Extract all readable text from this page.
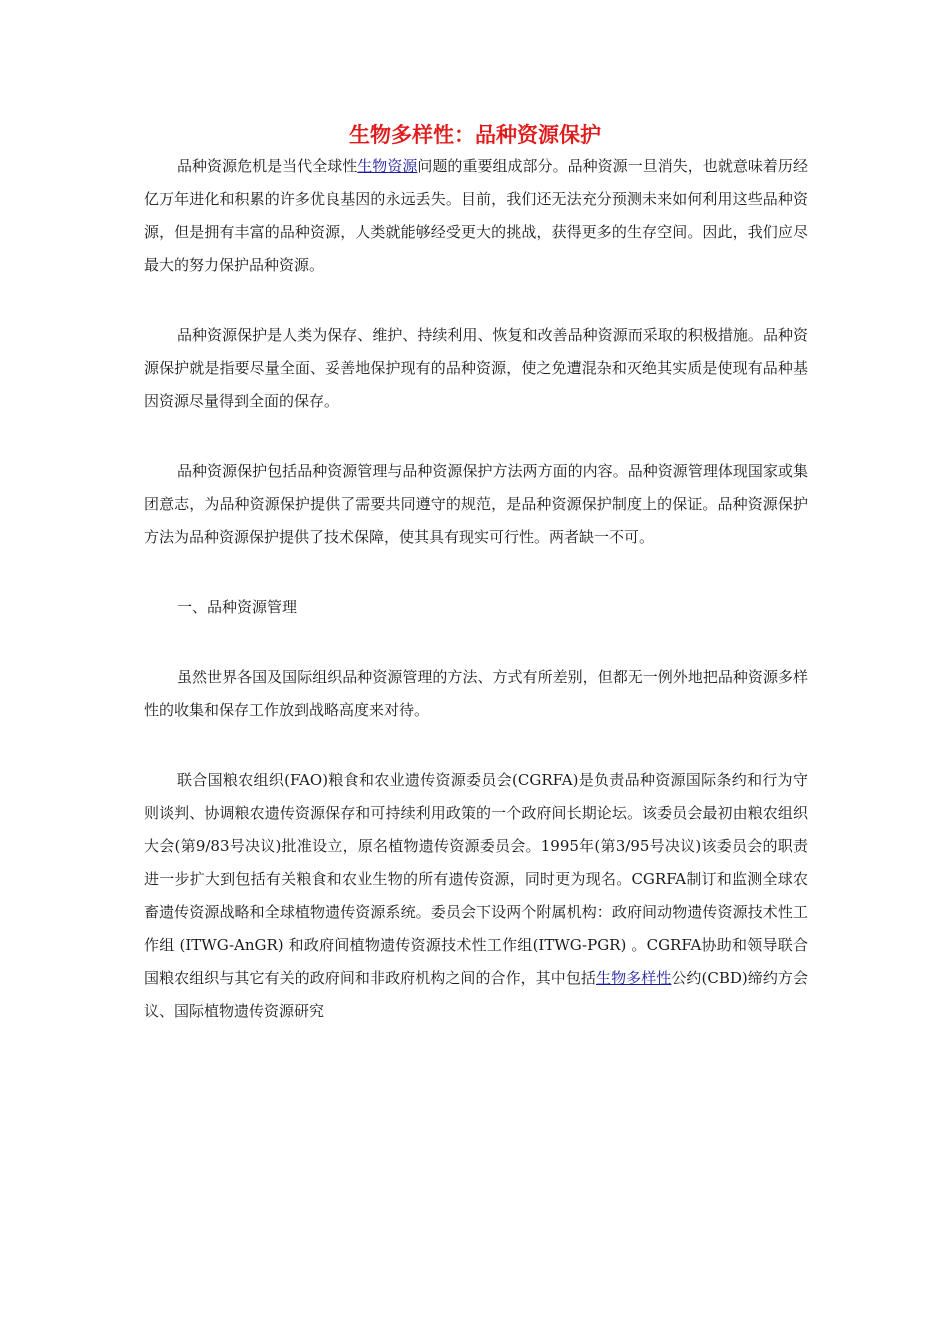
生物多样性：品种资源保护

品种资源危机是当代全球性生物资源问题的重要组成部分。品种资源一旦消失，也就意味着历经亿万年进化和积累的许多优良基因的永远丢失。目前，我们还无法充分预测未来如何利用这些品种资源，但是拥有丰富的品种资源，人类就能够经受更大的挑战，获得更多的生存空间。因此，我们应尽最大的努力保护品种资源。

品种资源保护是人类为保存、维护、持续利用、恢复和改善品种资源而采取的积极措施。品种资源保护就是指要尽量全面、妥善地保护现有的品种资源，使之免遭混杂和灭绝其实质是使现有品种基因资源尽量得到全面的保存。

品种资源保护包括品种资源管理与品种资源保护方法两方面的内容。品种资源管理体现国家或集团意志，为品种资源保护提供了需要共同遵守的规范，是品种资源保护制度上的保证。品种资源保护方法为品种资源保护提供了技术保障，使其具有现实可行性。两者缺一不可。

一、品种资源管理

虽然世界各国及国际组织品种资源管理的方法、方式有所差别，但都无一例外地把品种资源多样性的收集和保存工作放到战略高度来对待。

联合国粮农组织(FAO)粮食和农业遗传资源委员会(CGRFA)是负责品种资源国际条约和行为守则谈判、协调粮农遗传资源保存和可持续利用政策的一个政府间长期论坛。该委员会最初由粮农组织大会(第9/83号决议)批准设立，原名植物遗传资源委员会。1995年(第3/95号决议)该委员会的职责进一步扩大到包括有关粮食和农业生物的所有遗传资源，同时更为现名。CGRFA制订和监测全球农畜遗传资源战略和全球植物遗传资源系统。委员会下设两个附属机构：政府间动物遗传资源技术性工作组 (ITWG-AnGR) 和政府间植物遗传资源技术性工作组(ITWG-PGR) 。CGRFA协助和领导联合国粮农组织与其它有关的政府间和非政府机构之间的合作，其中包括生物多样性公约(CBD)缔约方会议、国际植物遗传资源研究
